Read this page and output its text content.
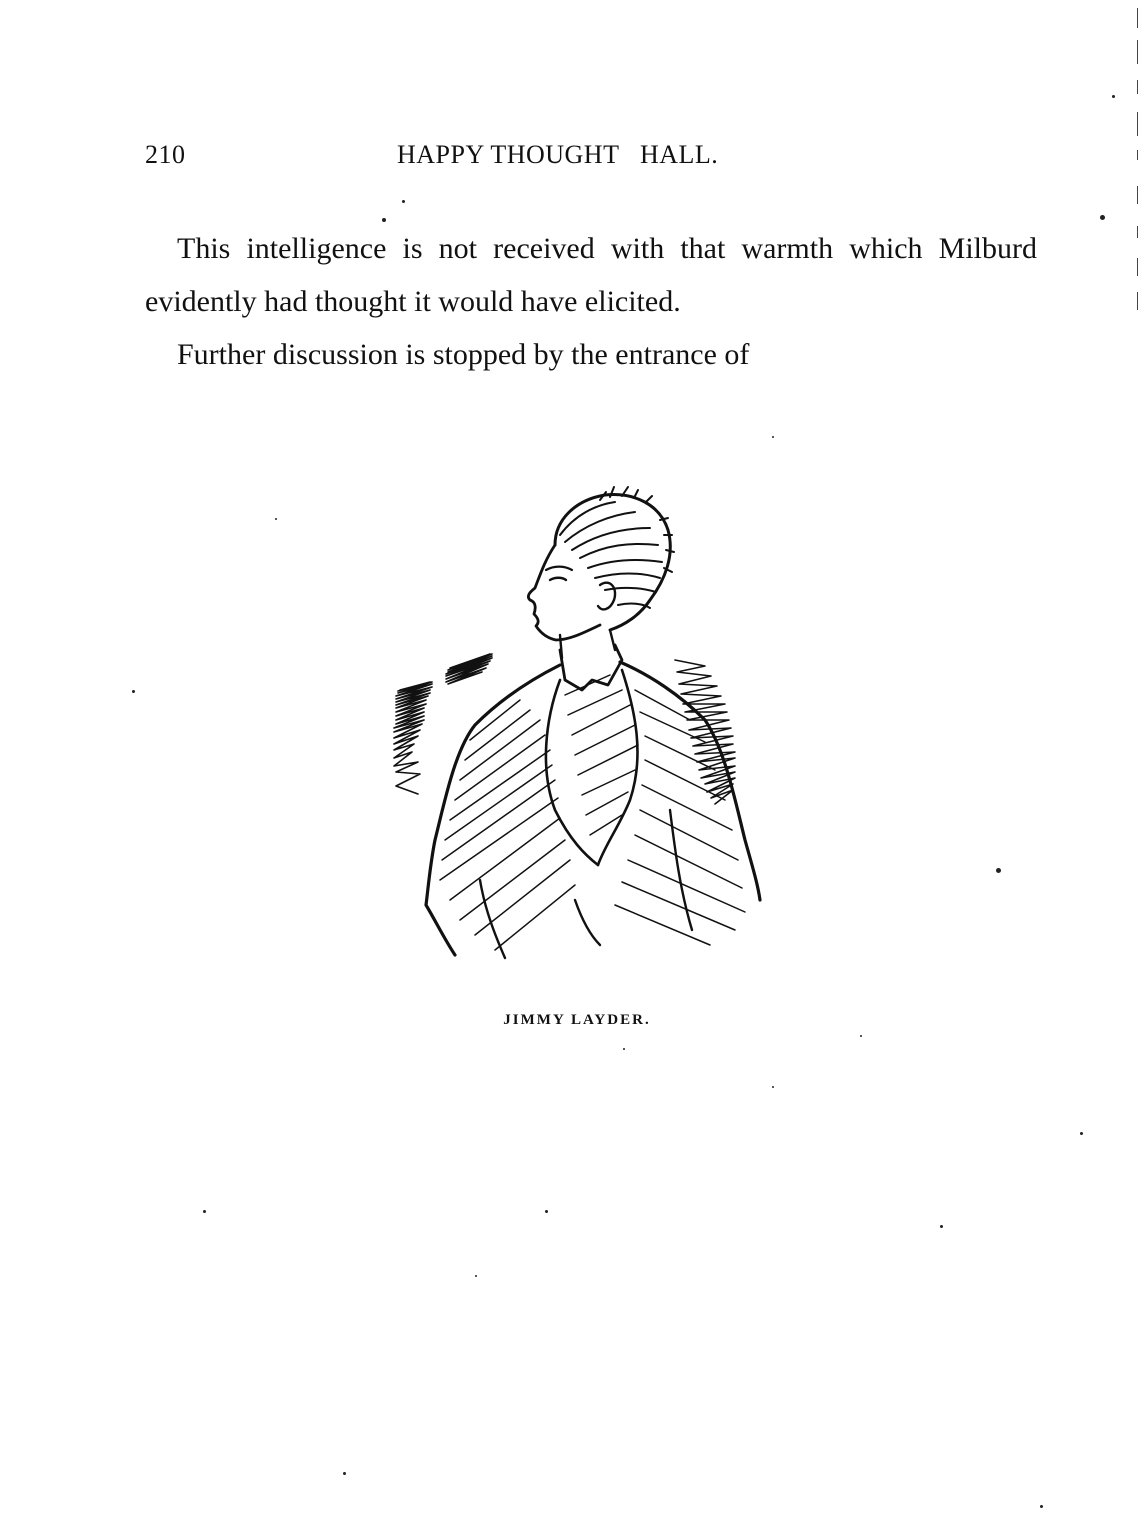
210	HAPPY THOUGHT   HALL.

This intelligence is not received with that warmth which Milburd evidently had thought it would have elicited.

Further discussion is stopped by the entrance of

JIMMY LAYDER.
